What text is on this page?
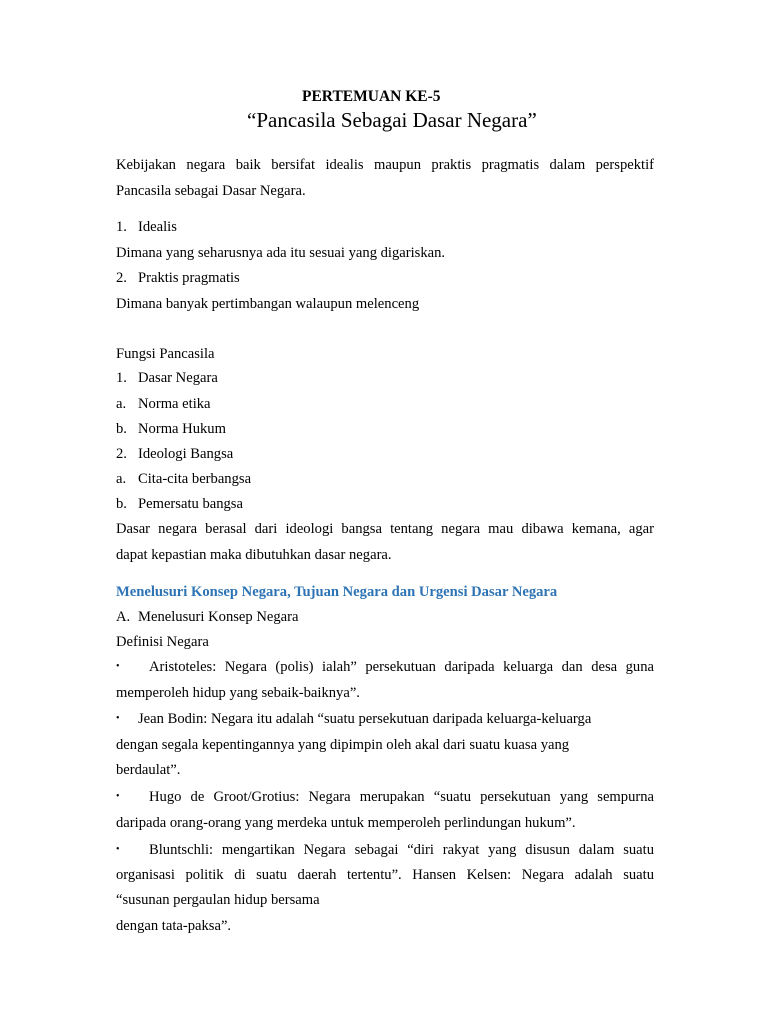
PERTEMUAN KE-5
“Pancasila Sebagai Dasar Negara”
Kebijakan negara baik bersifat idealis maupun praktis pragmatis dalam perspektif
Pancasila sebagai Dasar Negara.
1. Idealis
Dimana yang seharusnya ada itu sesuai yang digariskan.
2. Praktis pragmatis
Dimana banyak pertimbangan walaupun melenceng
Fungsi Pancasila
1. Dasar Negara
a. Norma etika
b. Norma Hukum
2. Ideologi Bangsa
a. Cita-cita berbangsa
b. Pemersatu bangsa
Dasar negara berasal dari ideologi bangsa tentang negara mau dibawa kemana, agar
dapat kepastian maka dibutuhkan dasar negara.
Menelusuri Konsep Negara, Tujuan Negara dan Urgensi Dasar Negara
A. Menelusuri Konsep Negara
Definisi Negara
• Aristoteles: Negara (polis) ialah” persekutuan daripada keluarga dan desa guna
memperoleh hidup yang sebaik-baiknya”.
• Jean Bodin: Negara itu adalah “suatu persekutuan daripada keluarga-keluarga
dengan segala kepentingannya yang dipimpin oleh akal dari suatu kuasa yang
berdaulat”.
• Hugo de Groot/Grotius: Negara merupakan “suatu persekutuan yang sempurna
daripada orang-orang yang merdeka untuk memperoleh perlindungan hukum”.
• Bluntschli: mengartikan Negara sebagai “diri rakyat yang disusun dalam suatu
organisasi politik di suatu daerah tertentu”. Hansen Kelsen: Negara adalah suatu
“susunan pergaulan hidup bersama
dengan tata-paksa”.
